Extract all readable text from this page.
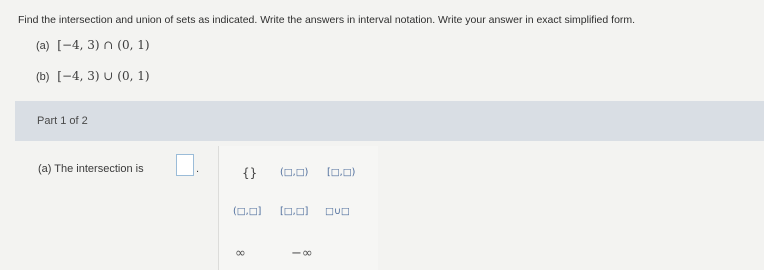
Find the intersection and union of sets as indicated. Write the answers in interval notation. Write your answer in exact simplified form.
(a) [−4, 3) ∩ (0, 1)
(b) [−4, 3) ∪ (0, 1)
Part 1 of 2
(a) The intersection is	.	{} (□,□) [□,□)
(□,□] [□,□] □∪□
∞	−∞
